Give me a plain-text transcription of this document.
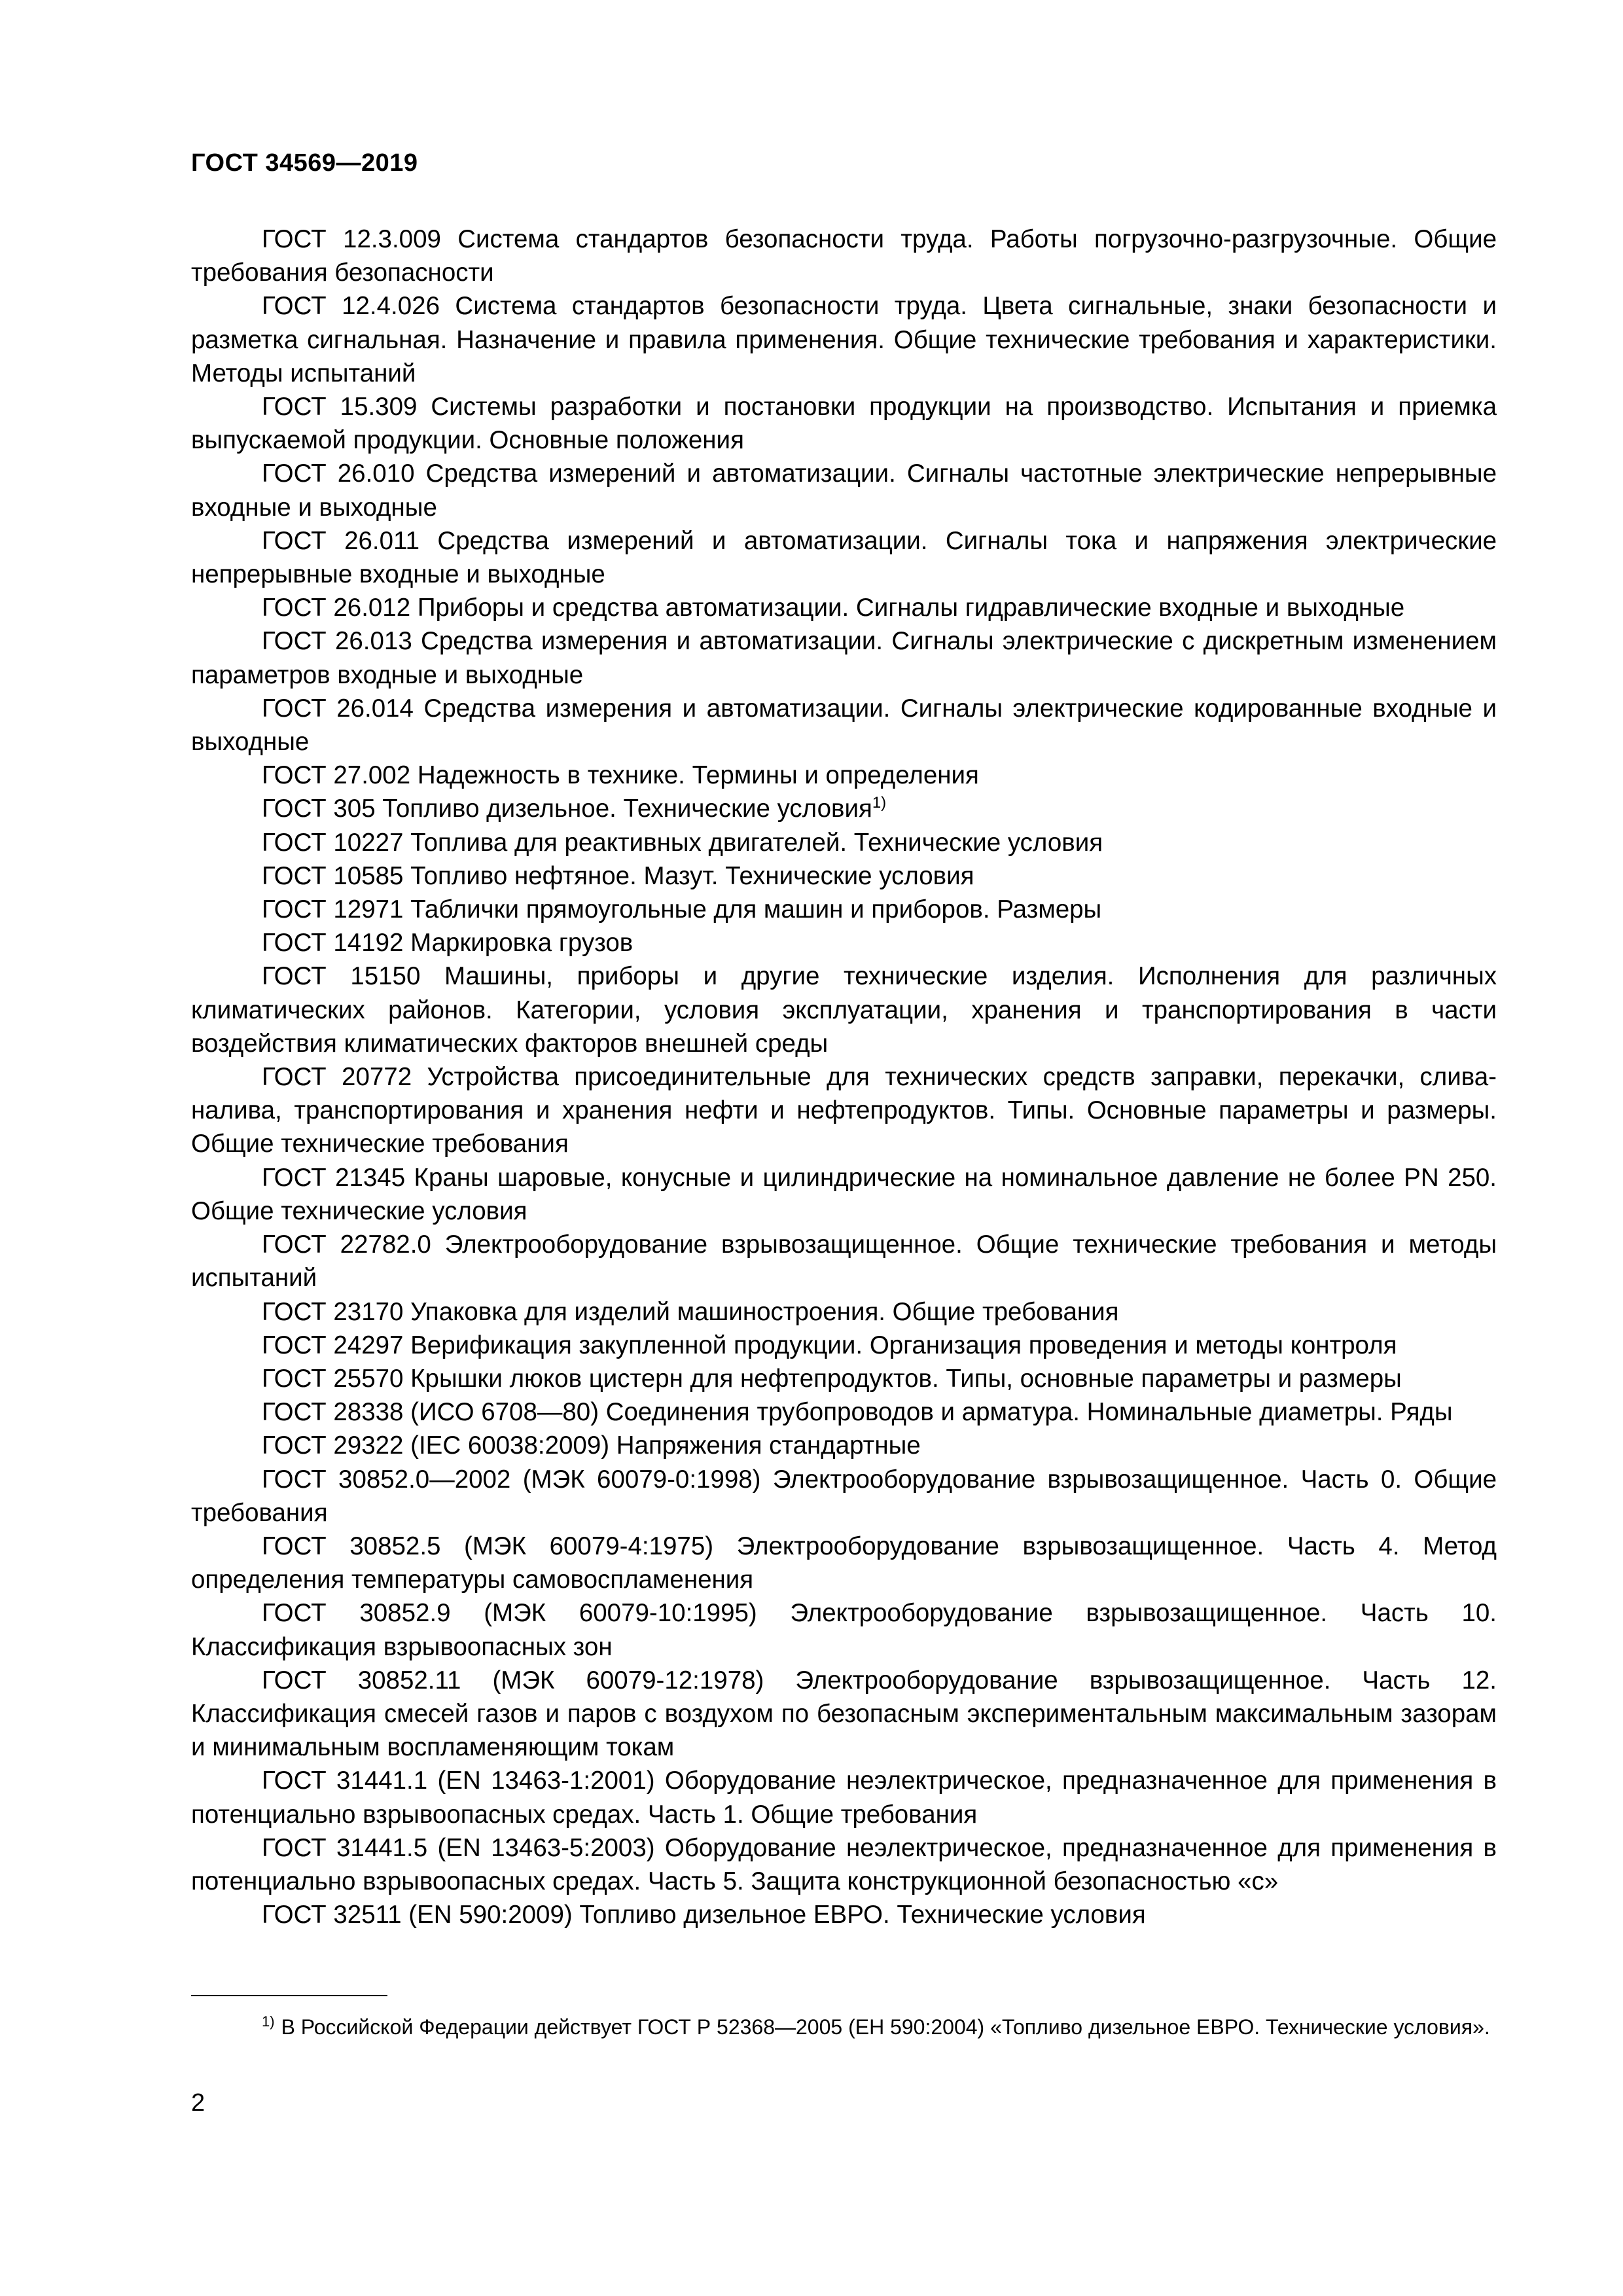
ГОСТ 34569—2019

ГОСТ 12.3.009 Система стандартов безопасности труда. Работы погрузочно-разгрузочные. Общие требования безопасности

ГОСТ 12.4.026 Система стандартов безопасности труда. Цвета сигнальные, знаки безопасности и разметка сигнальная. Назначение и правила применения. Общие технические требования и характеристики. Методы испытаний

ГОСТ 15.309 Системы разработки и постановки продукции на производство. Испытания и приемка выпускаемой продукции. Основные положения

ГОСТ 26.010 Средства измерений и автоматизации. Сигналы частотные электрические непрерывные входные и выходные

ГОСТ 26.011 Средства измерений и автоматизации. Сигналы тока и напряжения электрические непрерывные входные и выходные

ГОСТ 26.012 Приборы и средства автоматизации. Сигналы гидравлические входные и выходные

ГОСТ 26.013 Средства измерения и автоматизации. Сигналы электрические с дискретным изменением параметров входные и выходные

ГОСТ 26.014 Средства измерения и автоматизации. Сигналы электрические кодированные входные и выходные

ГОСТ 27.002 Надежность в технике. Термины и определения

ГОСТ 305 Топливо дизельное. Технические условия$^{1)}$

ГОСТ 10227 Топлива для реактивных двигателей. Технические условия

ГОСТ 10585 Топливо нефтяное. Мазут. Технические условия

ГОСТ 12971 Таблички прямоугольные для машин и приборов. Размеры

ГОСТ 14192 Маркировка грузов

ГОСТ 15150 Машины, приборы и другие технические изделия. Исполнения для различных климатических районов. Категории, условия эксплуатации, хранения и транспортирования в части воздействия климатических факторов внешней среды

ГОСТ 20772 Устройства присоединительные для технических средств заправки, перекачки, слива-налива, транспортирования и хранения нефти и нефтепродуктов. Типы. Основные параметры и размеры. Общие технические требования

ГОСТ 21345 Краны шаровые, конусные и цилиндрические на номинальное давление не более PN 250. Общие технические условия

ГОСТ 22782.0 Электрооборудование взрывозащищенное. Общие технические требования и методы испытаний

ГОСТ 23170 Упаковка для изделий машиностроения. Общие требования

ГОСТ 24297 Верификация закупленной продукции. Организация проведения и методы контроля

ГОСТ 25570 Крышки люков цистерн для нефтепродуктов. Типы, основные параметры и размеры

ГОСТ 28338 (ИСО 6708—80) Соединения трубопроводов и арматура. Номинальные диаметры. Ряды

ГОСТ 29322 (IEC 60038:2009) Напряжения стандартные

ГОСТ 30852.0—2002 (МЭК 60079-0:1998) Электрооборудование взрывозащищенное. Часть 0. Общие требования

ГОСТ 30852.5 (МЭК 60079-4:1975) Электрооборудование взрывозащищенное. Часть 4. Метод определения температуры самовоспламенения

ГОСТ 30852.9 (МЭК 60079-10:1995) Электрооборудование взрывозащищенное. Часть 10. Классификация взрывоопасных зон

ГОСТ 30852.11 (МЭК 60079-12:1978) Электрооборудование взрывозащищенное. Часть 12. Классификация смесей газов и паров с воздухом по безопасным экспериментальным максимальным зазорам и минимальным воспламеняющим токам

ГОСТ 31441.1 (EN 13463-1:2001) Оборудование неэлектрическое, предназначенное для применения в потенциально взрывоопасных средах. Часть 1. Общие требования

ГОСТ 31441.5 (EN 13463-5:2003) Оборудование неэлектрическое, предназначенное для применения в потенциально взрывоопасных средах. Часть 5. Защита конструкционной безопасностью «с»

ГОСТ 32511 (EN 590:2009) Топливо дизельное ЕВРО. Технические условия

$^{1)}$ В Российской Федерации действует ГОСТ Р 52368—2005 (ЕН 590:2004) «Топливо дизельное ЕВРО. Технические условия».
2
